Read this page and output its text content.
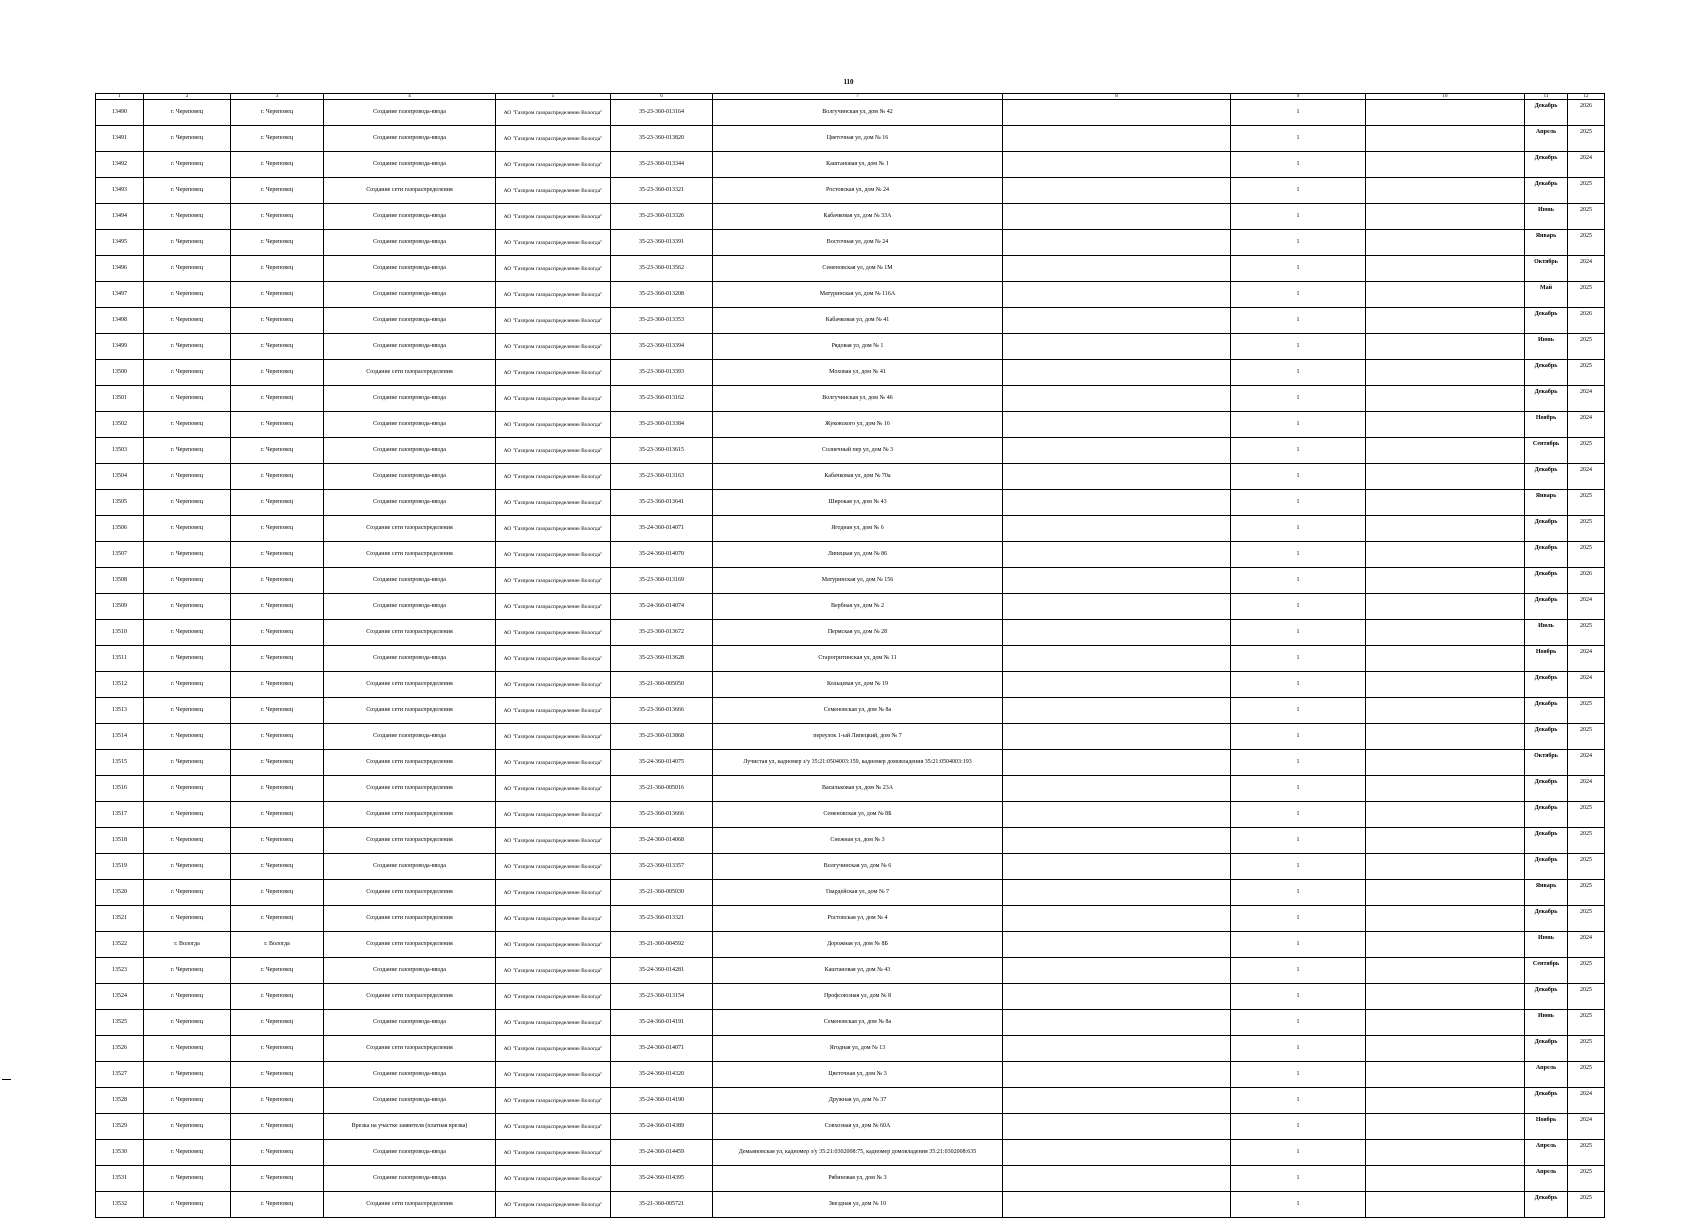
110
1	2	3	4	5	6	7	8	9	10	11	12
13490	г. Череповец	г. Череповец	Создание газопровода-ввода	АО "Газпром газораспределение Вологда"	35-23-360-013164	Волгучинская ул, дом № 42		1		Декабрь	2026
13491	г. Череповец	г. Череповец	Создание газопровода-ввода	АО "Газпром газораспределение Вологда"	35-23-360-013820	Цветочная ул, дом № 16		1		Апрель	2025
13492	г. Череповец	г. Череповец	Создание газопровода-ввода	АО "Газпром газораспределение Вологда"	35-23-360-013344	Каштановая ул, дом № 1		1		Декабрь	2024
13493	г. Череповец	г. Череповец	Создание сети газораспределения	АО "Газпром газораспределение Вологда"	35-23-360-013321	Ростовская ул, дом № 24		1		Декабрь	2025
13494	г. Череповец	г. Череповец	Создание газопровода-ввода	АО "Газпром газораспределение Вологда"	35-23-360-013326	Кабачковая ул, дом № 33А		1		Июнь	2025
13495	г. Череповец	г. Череповец	Создание газопровода-ввода	АО "Газпром газораспределение Вологда"	35-23-360-013391	Восточная ул, дом № 24		1		Январь	2025
13496	г. Череповец	г. Череповец	Создание газопровода-ввода	АО "Газпром газораспределение Вологда"	35-23-360-013562	Семеновская ул, дом № 1М		1		Октябрь	2024
13497	г. Череповец	г. Череповец	Создание газопровода-ввода	АО "Газпром газораспределение Вологда"	35-23-360-013208	Матуринская ул, дом № 116А		1		Май	2025
13498	г. Череповец	г. Череповец	Создание газопровода-ввода	АО "Газпром газораспределение Вологда"	35-23-360-013353	Кабачковая ул, дом № 41		1		Декабрь	2026
13499	г. Череповец	г. Череповец	Создание газопровода-ввода	АО "Газпром газораспределение Вологда"	35-23-360-013394	Рядовая ул, дом № 1		1		Июнь	2025
13500	г. Череповец	г. Череповец	Создание сети газораспределения	АО "Газпром газораспределение Вологда"	35-23-360-013393	Моховая ул, дом № 41		1		Декабрь	2025
13501	г. Череповец	г. Череповец	Создание газопровода-ввода	АО "Газпром газораспределение Вологда"	35-23-360-013162	Волгучинская ул, дом № 46		1		Декабрь	2024
13502	г. Череповец	г. Череповец	Создание газопровода-ввода	АО "Газпром газораспределение Вологда"	35-23-360-013384	Жуковского ул, дом № 16		1		Ноябрь	2024
13503	г. Череповец	г. Череповец	Создание газопровода-ввода	АО "Газпром газораспределение Вологда"	35-23-360-013615	Солнечный пер ул, дом № 3		1		Сентябрь	2025
13504	г. Череповец	г. Череповец	Создание газопровода-ввода	АО "Газпром газораспределение Вологда"	35-23-360-013163	Кабачковая ул, дом № 70а		1		Декабрь	2024
13505	г. Череповец	г. Череповец	Создание газопровода-ввода	АО "Газпром газораспределение Вологда"	35-23-360-013641	Широкая ул, дом № 43		1		Январь	2025
13506	г. Череповец	г. Череповец	Создание сети газораспределения	АО "Газпром газораспределение Вологда"	35-24-360-014071	Ягодная ул, дом № 6		1		Декабрь	2025
13507	г. Череповец	г. Череповец	Создание сети газораспределения	АО "Газпром газораспределение Вологда"	35-24-360-014070	Липецкая ул, дом № 86		1		Декабрь	2025
13508	г. Череповец	г. Череповец	Создание газопровода-ввода	АО "Газпром газораспределение Вологда"	35-23-360-013169	Матуринская ул, дом № 156		1		Декабрь	2026
13509	г. Череповец	г. Череповец	Создание газопровода-ввода	АО "Газпром газораспределение Вологда"	35-24-360-014074	Вербная ул, дом № 2		1		Декабрь	2024
13510	г. Череповец	г. Череповец	Создание сети газораспределения	АО "Газпром газораспределение Вологда"	35-23-360-013672	Пермская ул, дом № 28		1		Июль	2025
13511	г. Череповец	г. Череповец	Создание газопровода-ввода	АО "Газпром газораспределение Вологда"	35-23-360-013628	Старогритинская ул, дом № 11		1		Ноябрь	2024
13512	г. Череповец	г. Череповец	Создание сети газораспределения	АО "Газпром газораспределение Вологда"	35-21-360-005050	Кольцевая ул, дом № 19		1		Декабрь	2024
13513	г. Череповец	г. Череповец	Создание сети газораспределения	АО "Газпром газораспределение Вологда"	35-23-360-013666	Семеновская ул, дом № 8а		1		Декабрь	2025
13514	г. Череповец	г. Череповец	Создание газопровода-ввода	АО "Газпром газораспределение Вологда"	35-23-360-013868	переулок 1-ый Липецкий, дом № 7		1		Декабрь	2025
13515	г. Череповец	г. Череповец	Создание сети газораспределения	АО "Газпром газораспределение Вологда"	35-24-360-014075	Лучистая ул, кадномер з/у 35:21:0504003:159, кадномер домовладения 35:21:0504003:193		1		Октябрь	2024
13516	г. Череповец	г. Череповец	Создание сети газораспределения	АО "Газпром газораспределение Вологда"	35-21-360-005016	Васильковая ул, дом № 23А		1		Декабрь	2024
13517	г. Череповец	г. Череповец	Создание сети газораспределения	АО "Газпром газораспределение Вологда"	35-23-360-013666	Семеновская ул, дом № 8Б		1		Декабрь	2025
13518	г. Череповец	г. Череповец	Создание сети газораспределения	АО "Газпром газораспределение Вологда"	35-24-360-014068	Снежная ул, дом № 3		1		Декабрь	2025
13519	г. Череповец	г. Череповец	Создание газопровода-ввода	АО "Газпром газораспределение Вологда"	35-23-360-013357	Волгучинская ул, дом № 6		1		Декабрь	2025
13520	г. Череповец	г. Череповец	Создание сети газораспределения	АО "Газпром газораспределение Вологда"	35-21-360-005030	Гвардейская ул, дом № 7		1		Январь	2025
13521	г. Череповец	г. Череповец	Создание сети газораспределения	АО "Газпром газораспределение Вологда"	35-23-360-013321	Ростовская ул, дом № 4		1		Декабрь	2025
13522	г. Вологда	г. Вологда	Создание сети газораспределения	АО "Газпром газораспределение Вологда"	35-21-360-004592	Дорожная ул, дом № 8Б		1		Июнь	2024
13523	г. Череповец	г. Череповец	Создание газопровода-ввода	АО "Газпром газораспределение Вологда"	35-24-360-014281	Каштановая ул, дом № 43		1		Сентябрь	2025
13524	г. Череповец	г. Череповец	Создание сети газораспределения	АО "Газпром газораспределение Вологда"	35-23-360-013154	Профсоюзная ул, дом № 8		1		Декабрь	2025
13525	г. Череповец	г. Череповец	Создание газопровода-ввода	АО "Газпром газораспределение Вологда"	35-24-360-014191	Семеновская ул, дом № 8а		1		Июнь	2025
13526	г. Череповец	г. Череповец	Создание сети газораспределения	АО "Газпром газораспределение Вологда"	35-24-360-014071	Ягодная ул, дом № 13		1		Декабрь	2025
13527	г. Череповец	г. Череповец	Создание газопровода-ввода	АО "Газпром газораспределение Вологда"	35-24-360-014320	Цветочная ул, дом № 3		1		Апрель	2025
13528	г. Череповец	г. Череповец	Создание газопровода-ввода	АО "Газпром газораспределение Вологда"	35-24-360-014190	Дружная ул, дом № 37		1		Декабрь	2024
13529	г. Череповец	г. Череповец	Врезка на участке заявителя (платная врезка)	АО "Газпром газораспределение Вологда"	35-24-360-014389	Совхозная ул, дом № 60А		1		Ноябрь	2024
13530	г. Череповец	г. Череповец	Создание газопровода-ввода	АО "Газпром газораспределение Вологда"	35-24-360-014459	Демьяновская ул, кадномер з/у 35:21:0302008:75, кадномер домовладения 35:21:0302008:635		1		Апрель	2025
13531	г. Череповец	г. Череповец	Создание газопровода-ввода	АО "Газпром газораспределение Вологда"	35-24-360-014395	Рябиновая ул, дом № 3		1		Апрель	2025
13532	г. Череповец	г. Череповец	Создание сети газораспределения	АО "Газпром газораспределение Вологда"	35-21-360-005721	Звездная ул, дом № 10		1		Декабрь	2025
